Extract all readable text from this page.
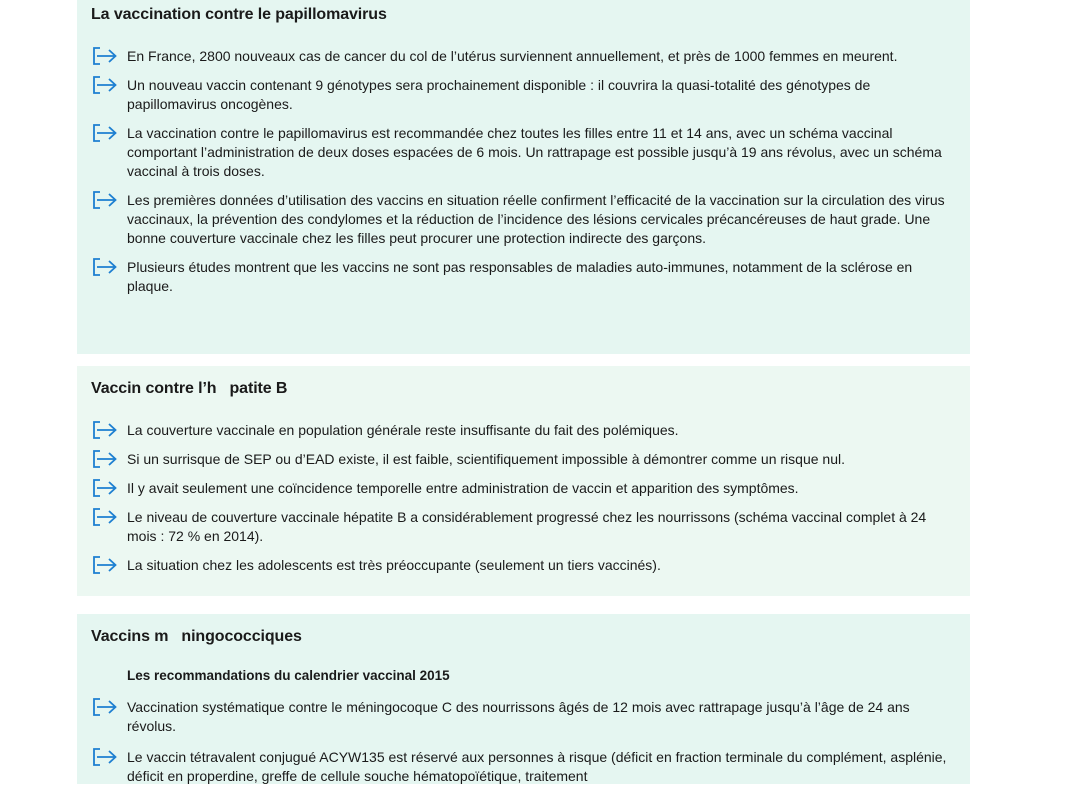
La vaccination contre le papillomavirus
En France, 2800 nouveaux cas de cancer du col de l’utérus surviennent annuellement, et près de 1000 femmes en meurent.
Un nouveau vaccin contenant 9 génotypes sera prochainement disponible : il couvrira la quasi-totalité des génotypes de papillomavirus oncogènes.
La vaccination contre le papillomavirus est recommandée chez toutes les filles entre 11 et 14 ans, avec un schéma vaccinal comportant l’administration de deux doses espacées de 6 mois. Un rattrapage est possible jusqu’à 19 ans révolus, avec un schéma vaccinal à trois doses.
Les premières données d’utilisation des vaccins en situation réelle confirment l’efficacité de la vaccination sur la circulation des virus vaccinaux, la prévention des condylomes et la réduction de l’incidence des lésions cervicales précancéreuses de haut grade. Une bonne couverture vaccinale chez les filles peut procurer une protection indirecte des garçons.
Plusieurs études montrent que les vaccins ne sont pas responsables de maladies auto-immunes, notamment de la sclérose en plaque.
Vaccin contre l’h   patite B
La couverture vaccinale en population générale reste insuffisante du fait des polémiques.
Si un surrisque de SEP ou d’EAD existe, il est faible, scientifiquement impossible à démontrer comme un risque nul.
Il y avait seulement une coïncidence temporelle entre administration de vaccin et apparition des symptômes.
Le niveau de couverture vaccinale hépatite B a considérablement progressé chez les nourrissons (schéma vaccinal complet à 24 mois : 72 % en 2014).
La situation chez les adolescents est très préoccupante (seulement un tiers vaccinés).
Vaccins m   ningococciques
Les recommandations du calendrier vaccinal 2015
Vaccination systématique contre le méningocoque C des nourrissons âgés de 12 mois avec rattrapage jusqu’à l’âge de 24 ans révolus.
Le vaccin tétravalent conjugué ACYW135 est réservé aux personnes à risque (déficit en fraction terminale du complément, asplénie, déficit en properdine, greffe de cellule souche hématopoïétique, traitement
